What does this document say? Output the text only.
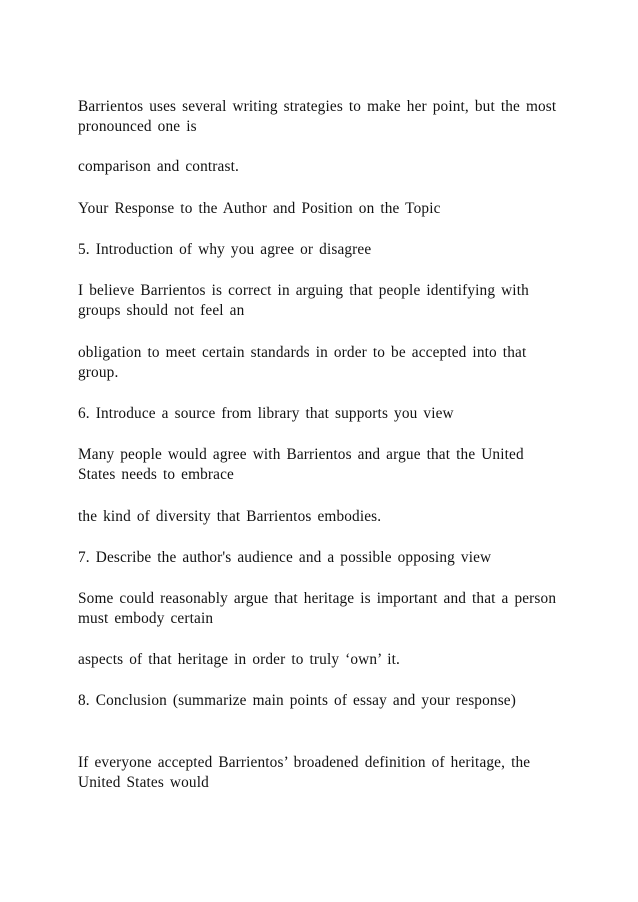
Barrientos uses several writing strategies to make her point, but the most pronounced one is

comparison and contrast.

Your Response to the Author and Position on the Topic

5. Introduction of why you agree or disagree

I believe Barrientos is correct in arguing that people identifying with groups should not feel an

obligation to meet certain standards in order to be accepted into that group.

6. Introduce a source from library that supports you view

Many people would agree with Barrientos and argue that the United States needs to embrace

the kind of diversity that Barrientos embodies.

7. Describe the author's audience and a possible opposing view

Some could reasonably argue that heritage is important and that a person must embody certain

aspects of that heritage in order to truly ‘own’ it.

8. Conclusion (summarize main points of essay and your response)

If everyone accepted Barrientos’ broadened definition of heritage, the United States would
